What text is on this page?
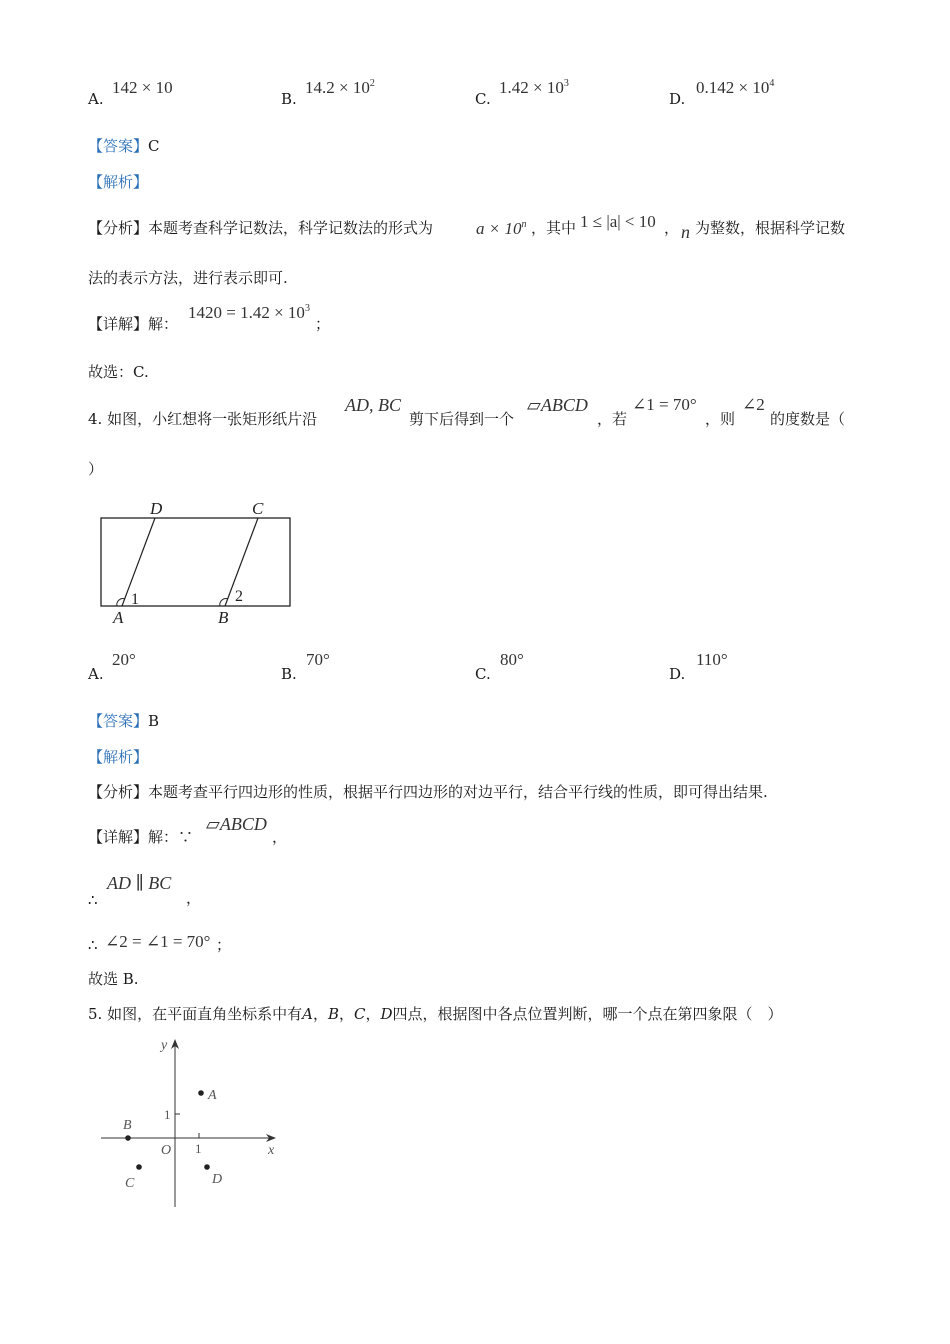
A.
142 × 10
B.
$14.2 \times 10^2$
C.
$1.42 \times 10^3$
D.
$0.142 \times 10^4$
【答案】C
【解析】
【分析】本题考查科学记数法，科学记数法的形式为	$a \times 10^n$ ，其中 1 ≤ |a| < 10 ， n 为整数，根据科学记数
法的表示方法，进行表示即可.
【详解】解：
$1420 = 1.42 \times 10^3$
；
故选：C.
4. 如图，小红想将一张矩形纸片沿
AD, BC
剪下后得到一个
▱ABCD
，若
∠1 = 70°
，则
∠2
的度数是（
）
D	C
A	B
1	2
A.
20°
B.
70°
C.
80°
D.
110°
【答案】B
【解析】
【分析】本题考查平行四边形的性质，根据平行四边形的对边平行，结合平行线的性质，即可得出结果.
【详解】解：∵
▱ABCD
，
∴
AD ∥ BC
，
∴ ∠2 = ∠1 = 70° ；
故选 B.
5. 如图，在平面直角坐标系中有A，B，C，D四点，根据图中各点位置判断，哪一个点在第四象限（　）
y
x
O 1
1
A
B
C	D
